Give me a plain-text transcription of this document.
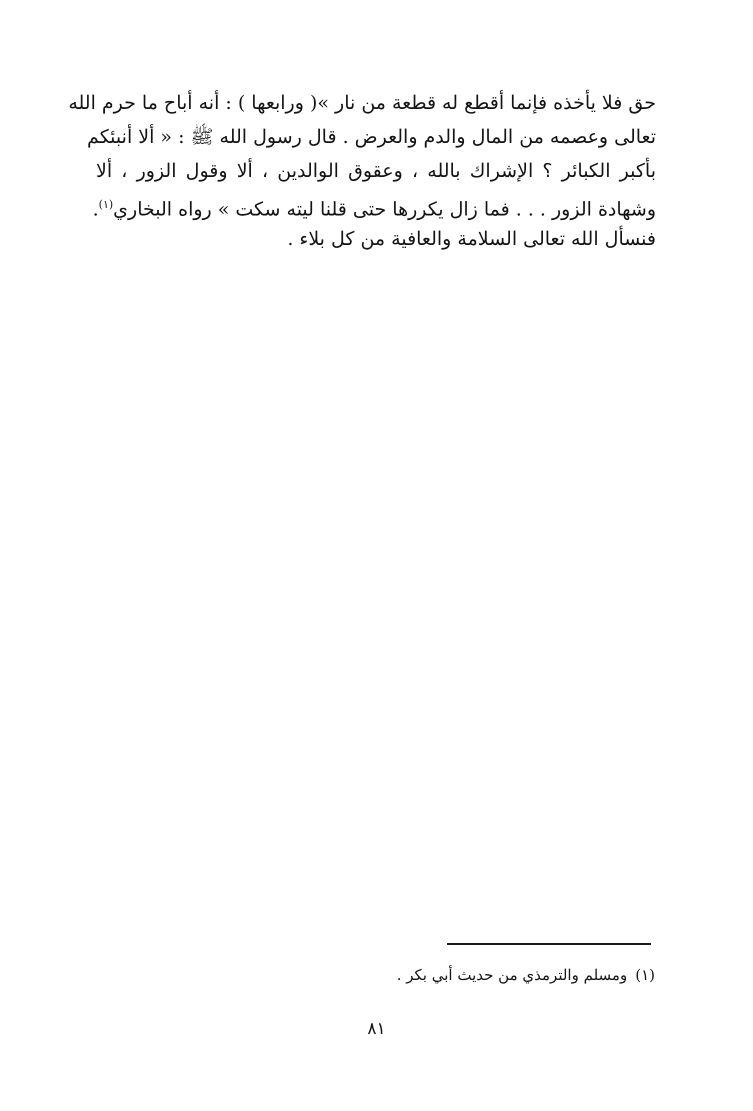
حق فلا يأخذه فإنما أقطع له قطعة من نار »( ورابعها ) : أنه أباح ما حرم الله
تعالى وعصمه من المال والدم والعرض . قال رسول الله ﷺ : « ألا أنبئكم
بأكبر الكبائر ؟ الإشراك بالله ، وعقوق الوالدين ، ألا وقول الزور ، ألا
وشهادة الزور . . . فما زال يكررها حتى قلنا ليته سكت » رواه البخاري$^{(١)}$.
فنسأل الله تعالى السلامة والعافية من كل بلاء .
(١)ومسلم والترمذي من حديث أبي بكر .
٨١
